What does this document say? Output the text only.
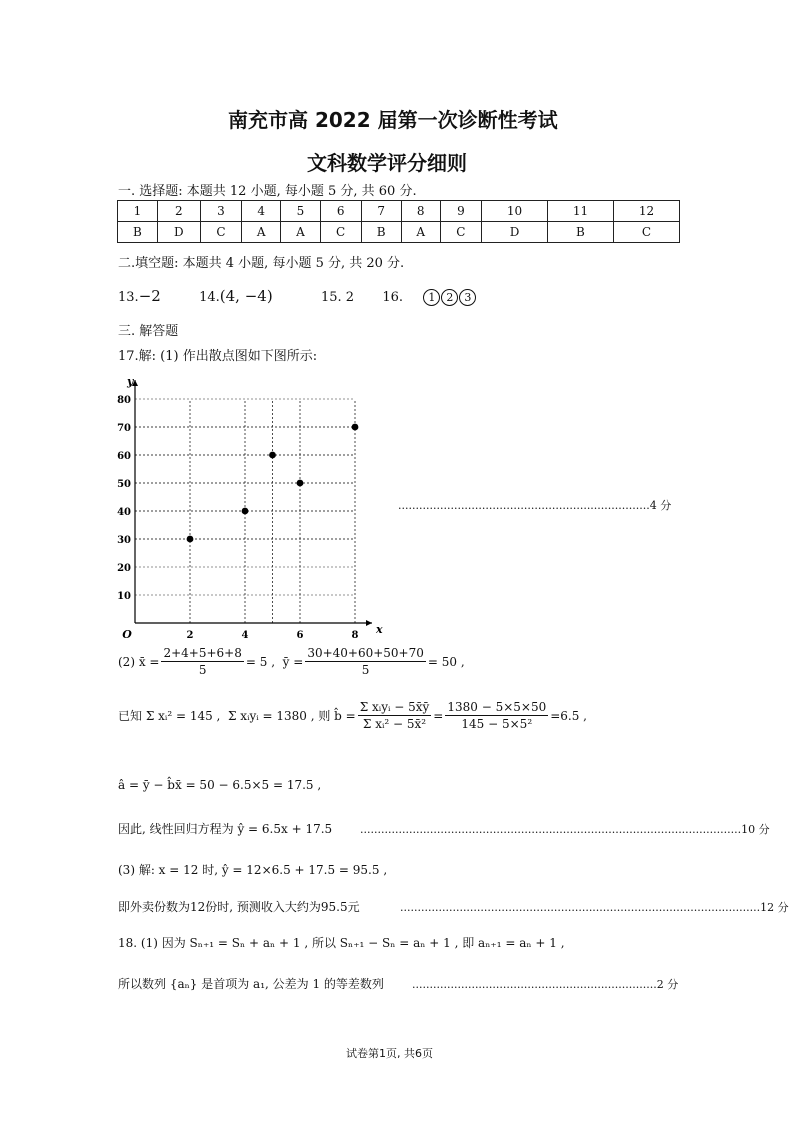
南充市高 2022 届第一次诊断性考试
文科数学评分细则
一. 选择题: 本题共 12 小题, 每小题 5 分, 共 60 分.
1	2	3	4	5	6	7	8	9	10	11	12
B	D	C	A	A	C	B	A	C	D	B	C
二.填空题: 本题共 4 小题, 每小题 5 分, 共 20 分.
13.−2	14.(4, −4)	15. 2 16. 1 2 3
三. 解答题
17.解: (1) 作出散点图如下图所示:
10
20
30
40
50
60
70
80
2	4	6	8
O	x
y
........................................................................4 分
(2)
x̄ = $\frac{2+4+5+6+8}{5} = 5$ ,
ȳ = $\frac{30+40+60+50+70}{5} = 50$ ,
已知
Σ xᵢ² = 145 ,
Σ xᵢyᵢ = 1380 ,
则 b̂ = $\frac{\text{Σ xᵢyᵢ − 5x̄ȳ}}{\text{Σ xᵢ² − 5x̄²}} = \frac{1380 - 5\times 5\times 50}{\text{145 − 5×5²}} =6.5$ ,
â = ȳ − b̂x̄ = 50 − 6.5×5 = 17.5 ,
因此, 线性回归方程为 ŷ = 6.5x + 17.5	.............................................................................................................10 分
(3) 解: x = 12 时, ŷ = 12×6.5 + 17.5 = 95.5 ,
即外卖份数为12份时, 预测收入大约为95.5元	.......................................................................................................12 分
18. (1) 因为 Sₙ₊₁ = Sₙ + aₙ + 1 , 所以 Sₙ₊₁ − Sₙ = aₙ + 1 , 即 aₙ₊₁ = aₙ + 1 ,
所以数列 {aₙ} 是首项为 a₁, 公差为 1 的等差数列	......................................................................2 分
试卷第1页, 共6页
